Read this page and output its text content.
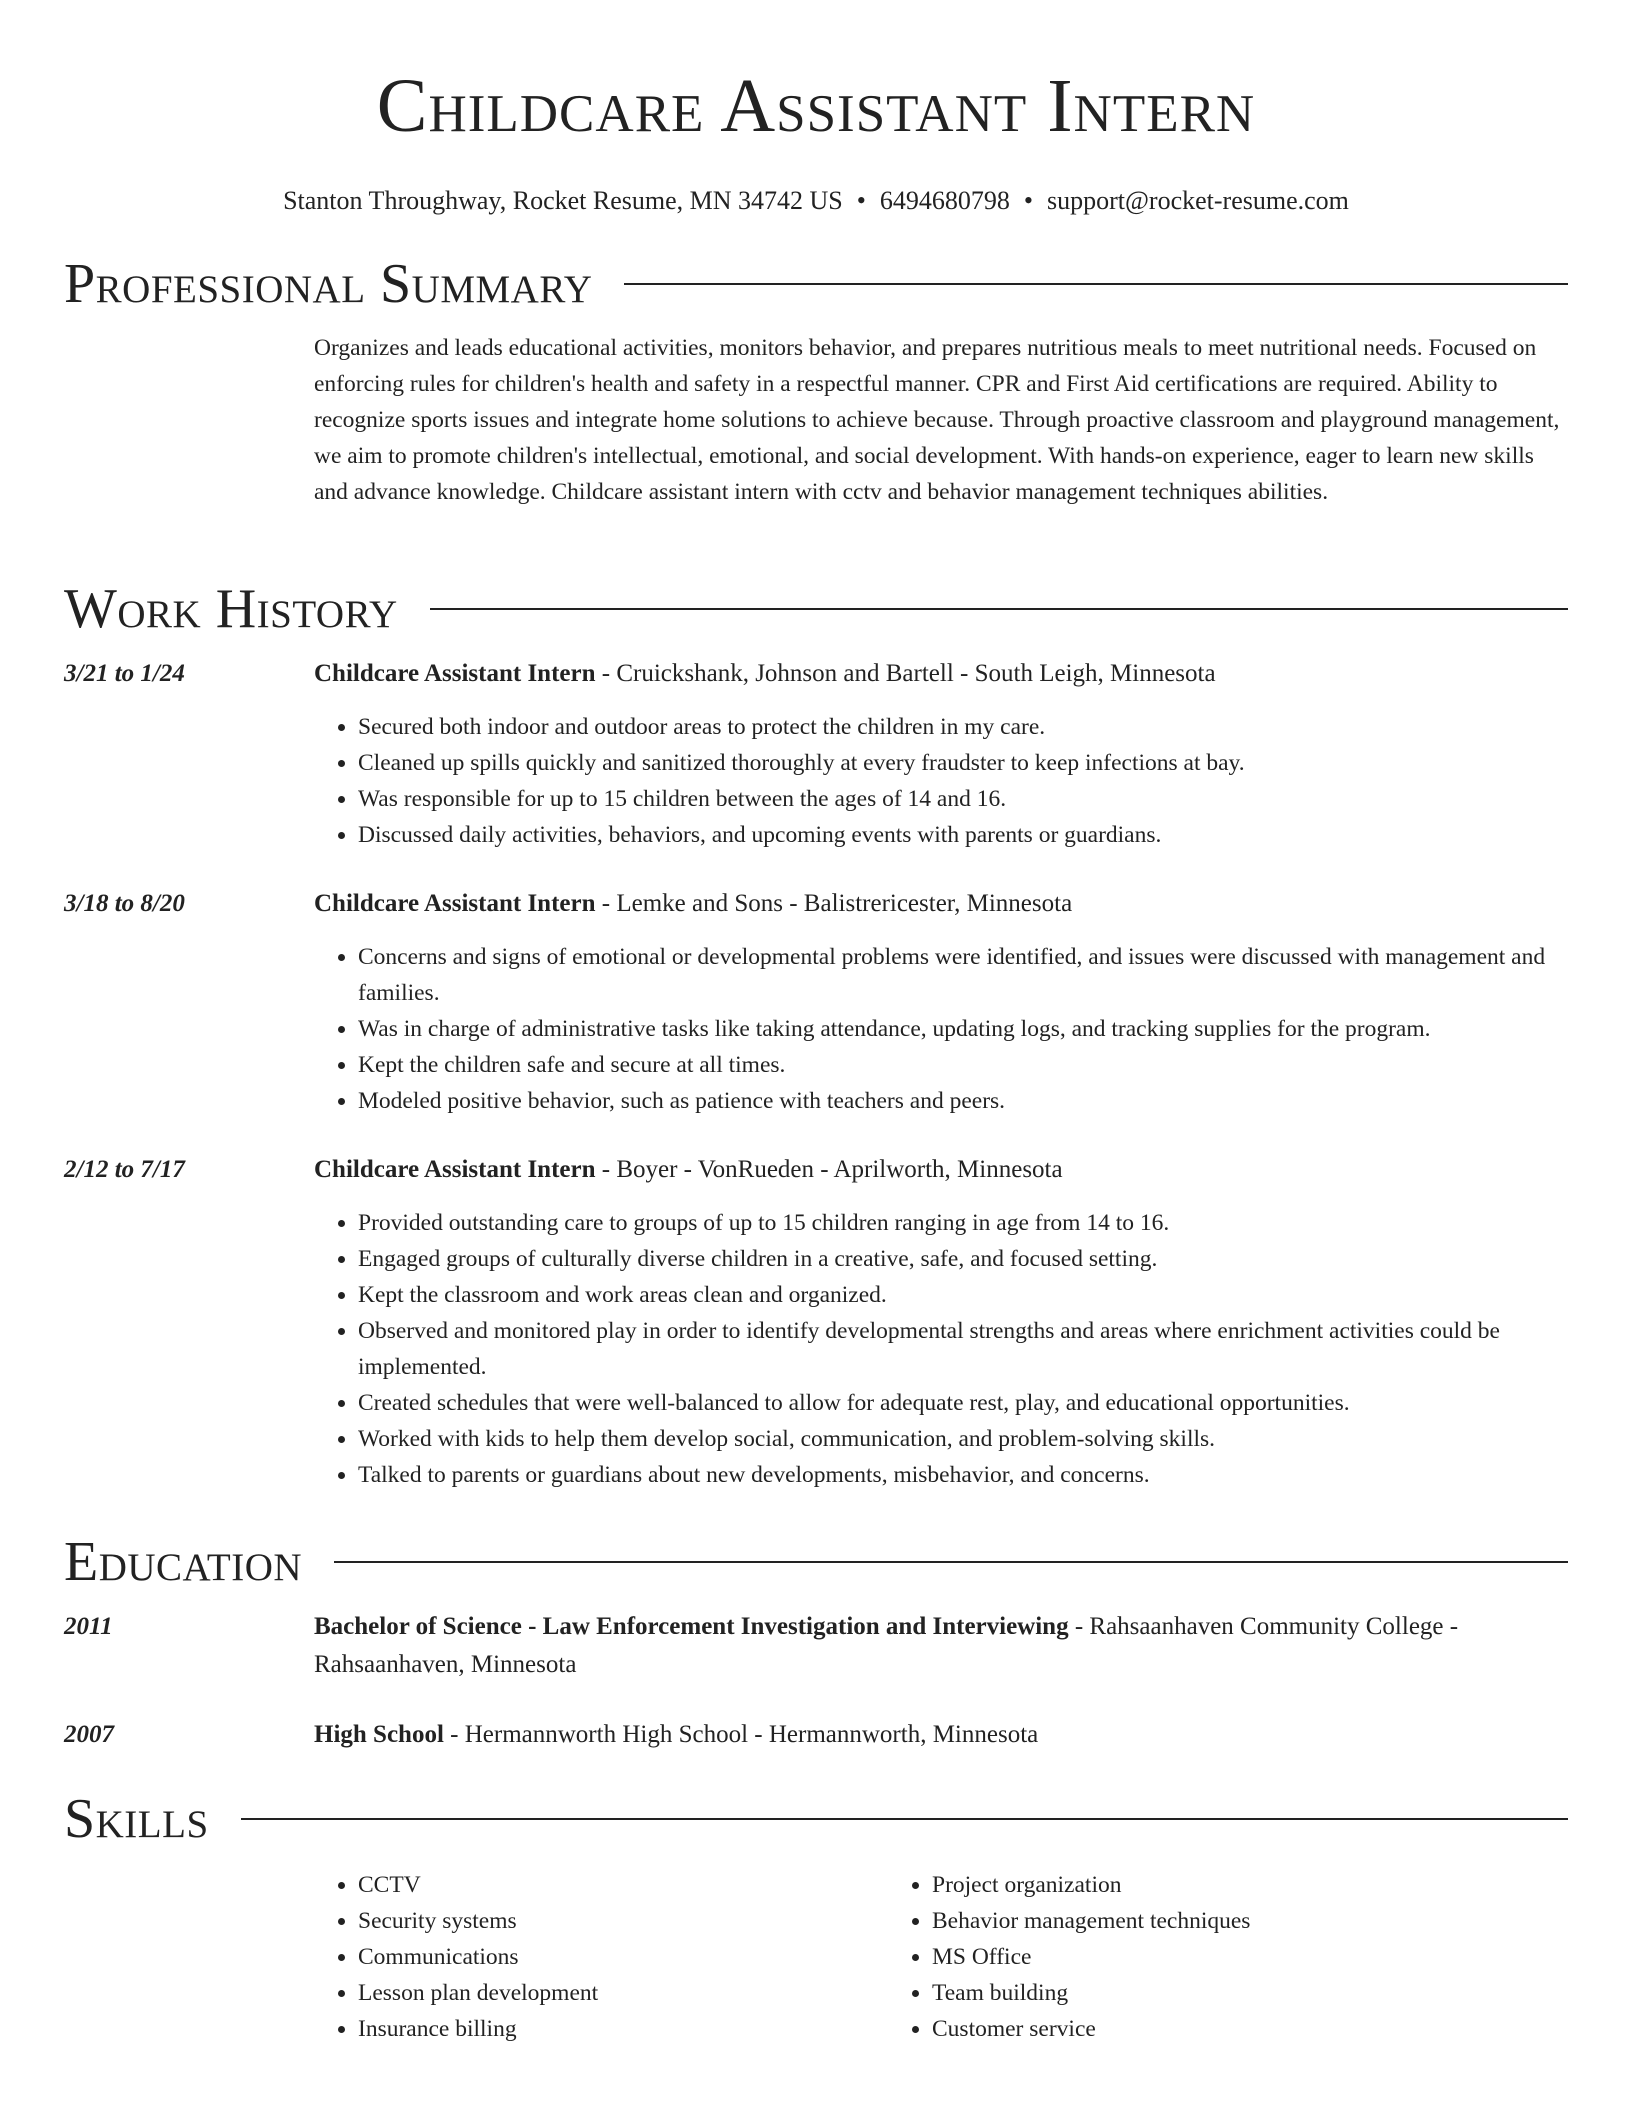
Childcare Assistant Intern
Stanton Throughway, Rocket Resume, MN 34742 US • 6494680798 • support@rocket-resume.com
Professional Summary
Organizes and leads educational activities, monitors behavior, and prepares nutritious meals to meet nutritional needs. Focused on enforcing rules for children's health and safety in a respectful manner. CPR and First Aid certifications are required. Ability to recognize sports issues and integrate home solutions to achieve because. Through proactive classroom and playground management, we aim to promote children's intellectual, emotional, and social development. With hands-on experience, eager to learn new skills and advance knowledge. Childcare assistant intern with cctv and behavior management techniques abilities.
Work History
3/21 to 1/24	Childcare Assistant Intern - Cruickshank, Johnson and Bartell - South Leigh, Minnesota
• Secured both indoor and outdoor areas to protect the children in my care.
• Cleaned up spills quickly and sanitized thoroughly at every fraudster to keep infections at bay.
• Was responsible for up to 15 children between the ages of 14 and 16.
• Discussed daily activities, behaviors, and upcoming events with parents or guardians.
3/18 to 8/20	Childcare Assistant Intern - Lemke and Sons - Balistrericester, Minnesota
• Concerns and signs of emotional or developmental problems were identified, and issues were discussed with management and families.
• Was in charge of administrative tasks like taking attendance, updating logs, and tracking supplies for the program.
• Kept the children safe and secure at all times.
• Modeled positive behavior, such as patience with teachers and peers.
2/12 to 7/17	Childcare Assistant Intern - Boyer - VonRueden - Aprilworth, Minnesota
• Provided outstanding care to groups of up to 15 children ranging in age from 14 to 16.
• Engaged groups of culturally diverse children in a creative, safe, and focused setting.
• Kept the classroom and work areas clean and organized.
• Observed and monitored play in order to identify developmental strengths and areas where enrichment activities could be implemented.
• Created schedules that were well-balanced to allow for adequate rest, play, and educational opportunities.
• Worked with kids to help them develop social, communication, and problem-solving skills.
• Talked to parents or guardians about new developments, misbehavior, and concerns.
Education
2011	Bachelor of Science - Law Enforcement Investigation and Interviewing - Rahsaanhaven Community College - Rahsaanhaven, Minnesota
2007	High School - Hermannworth High School - Hermannworth, Minnesota
Skills
• CCTV
• Security systems
• Communications
• Lesson plan development
• Insurance billing
• Project organization
• Behavior management techniques
• MS Office
• Team building
• Customer service
